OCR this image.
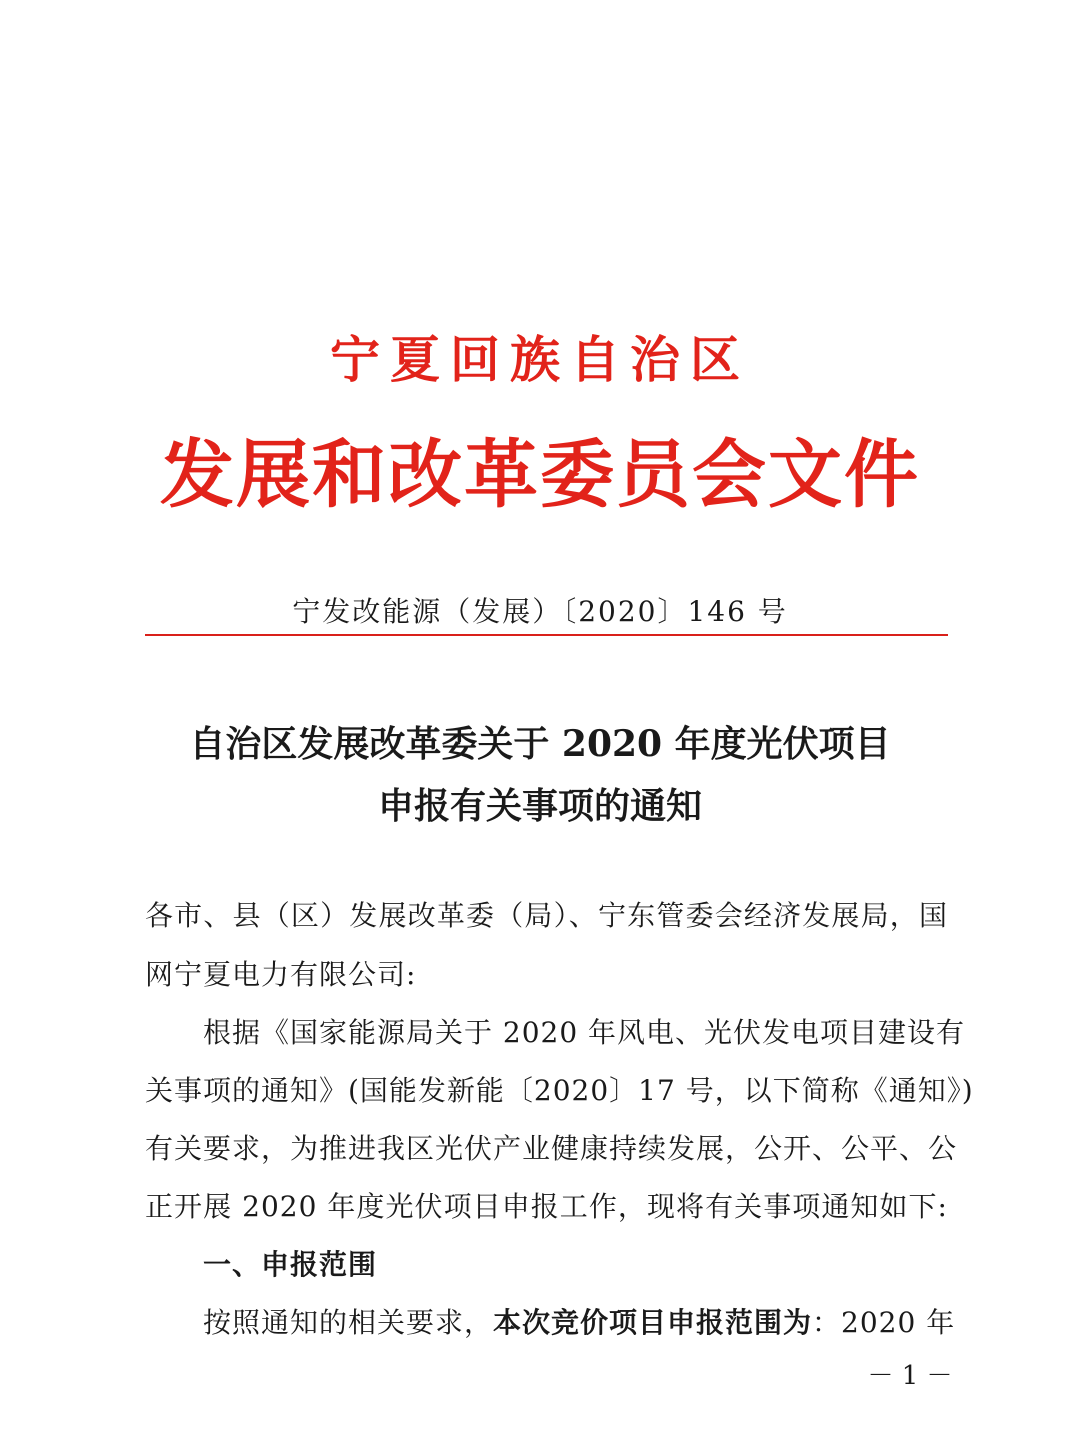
宁夏回族自治区
发展和改革委员会文件
宁发改能源（发展）〔2020〕146 号
自治区发展改革委关于 2020 年度光伏项目
申报有关事项的通知
各市、县（区）发展改革委（局）、宁东管委会经济发展局，国
网宁夏电力有限公司:
根据《国家能源局关于 2020 年风电、光伏发电项目建设有
关事项的通知》(国能发新能〔2020〕17 号，以下简称《通知》)
有关要求，为推进我区光伏产业健康持续发展，公开、公平、公
正开展 2020 年度光伏项目申报工作，现将有关事项通知如下:
一、申报范围
按照通知的相关要求，本次竞价项目申报范围为：2020 年
－ 1 －
